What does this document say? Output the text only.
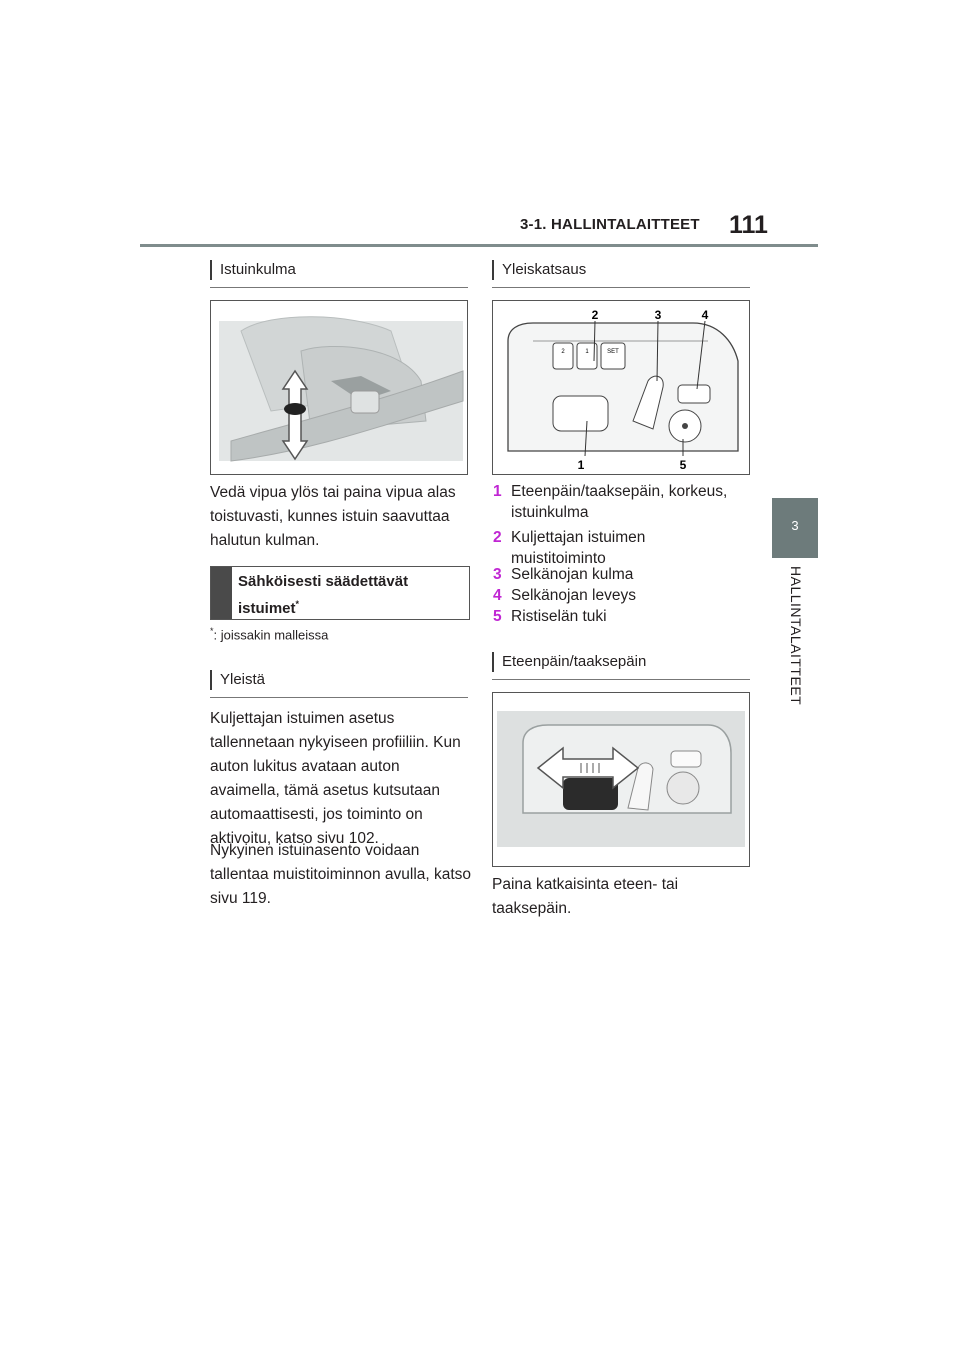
3-1. HALLINTALAITTEET 111
3
HALLINTALAITTEET
Istuinkulma
Vedä vipua ylös tai paina vipua alas toistuvasti, kunnes istuin saavuttaa halutun kulman.
Sähköisesti säädettävät istuimet*
*: joissakin malleissa
Yleistä
Kuljettajan istuimen asetus tallennetaan nykyiseen profiiliin. Kun auton lukitus avataan auton avaimella, tämä asetus kutsutaan automaattisesti, jos toiminto on aktivoitu, katso sivu 102.
Nykyinen istuinasento voidaan tallentaa muistitoiminnon avulla, katso sivu 119.
Yleiskatsaus
2	1	SET
2	3	4
1	5
1 Eteenpäin/taaksepäin, korkeus, istuinkulma
2 Kuljettajan istuimen muistitoiminto
3 Selkänojan kulma
4 Selkänojan leveys
5 Ristiselän tuki
Eteenpäin/taaksepäin
Paina katkaisinta eteen- tai taaksepäin.
